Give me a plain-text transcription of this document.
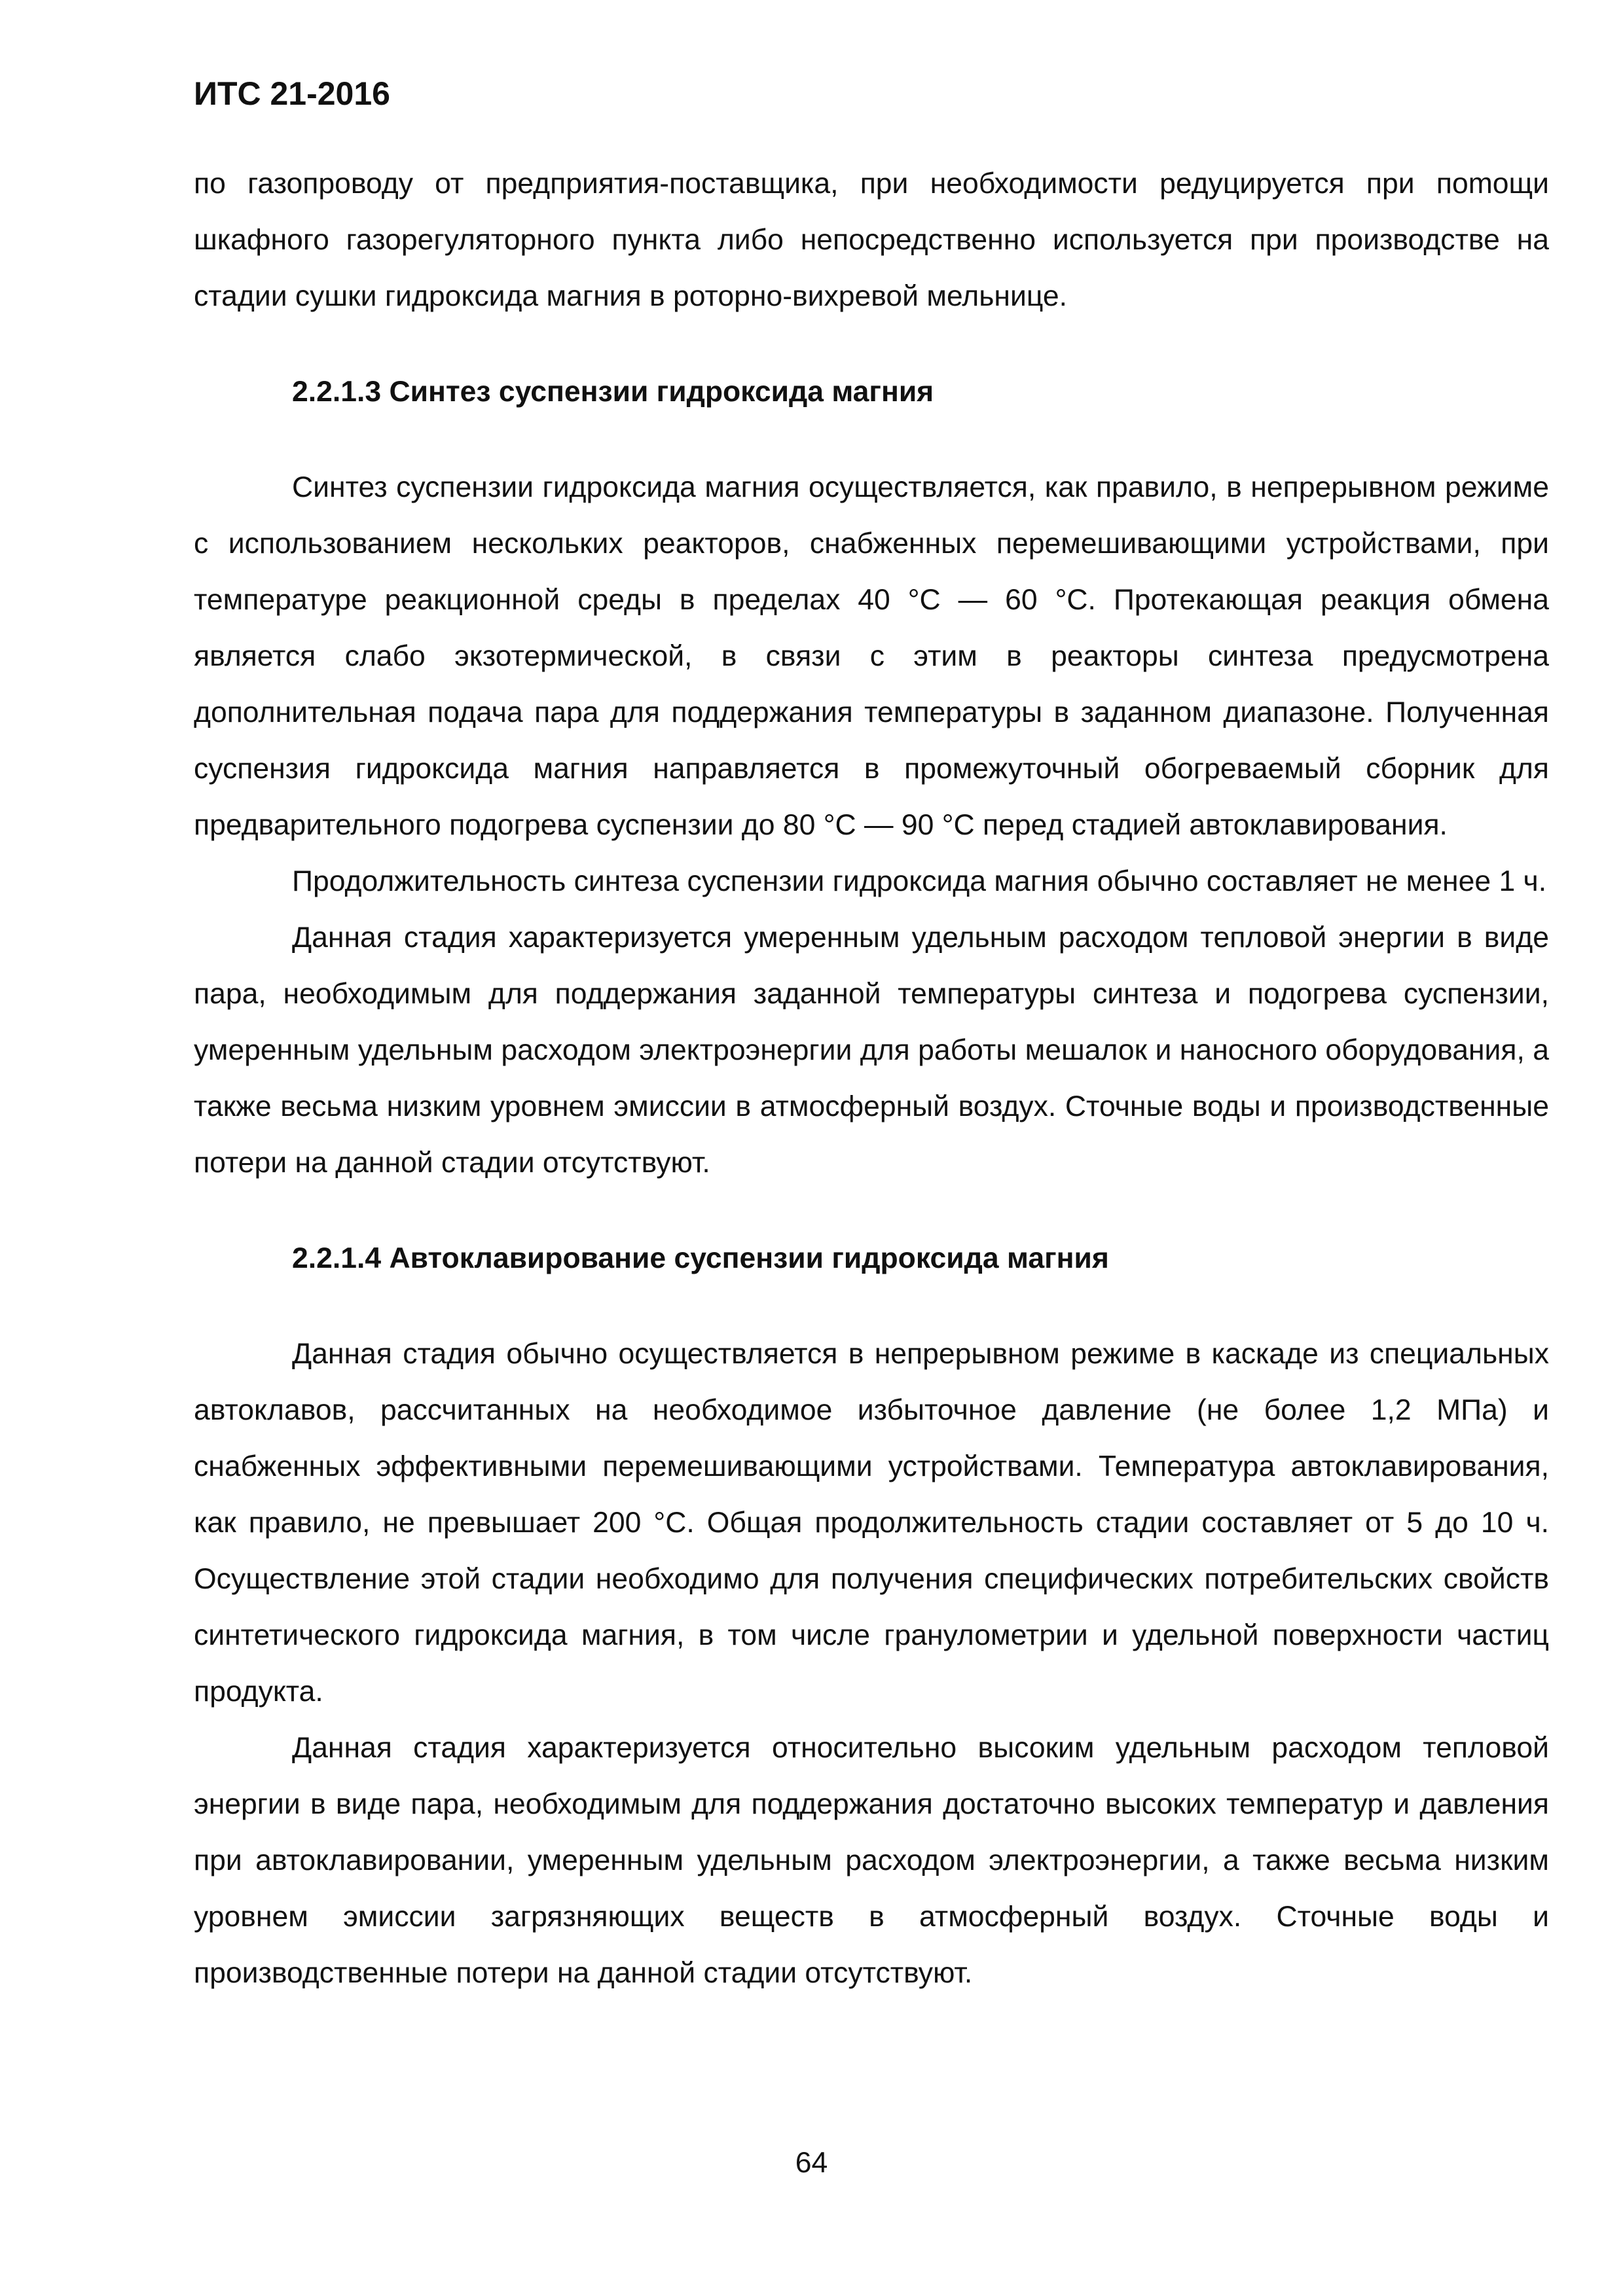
ИТС 21-2016

по газопроводу от предприятия-поставщика, при необходимости редуцируется при поmощи шкафного газорегуляторного пункта либо непосредственно используется при производстве на стадии сушки гидроксида магния в роторно-вихревой мельнице.

2.2.1.3 Синтез суспензии гидроксида магния

Синтез суспензии гидроксида магния осуществляется, как правило, в непрерывном режиме с использованием нескольких реакторов, снабженных перемешивающими устройствами, при температуре реакционной среды в пределах 40 °С — 60 °С. Протекающая реакция обмена является слабо экзотермической, в связи с этим в реакторы синтеза предусмотрена дополнительная подача пара для поддержания температуры в заданном диапазоне. Полученная суспензия гидроксида магния направляется в промежуточный обогреваемый сборник для предварительного подогрева суспензии до 80 °С — 90 °С перед стадией автоклавирования.

Продолжительность синтеза суспензии гидроксида магния обычно составляет не менее 1 ч.

Данная стадия характеризуется умеренным удельным расходом тепловой энергии в виде пара, необходимым для поддержания заданной температуры синтеза и подогрева суспензии, умеренным удельным расходом электроэнергии для работы мешалок и наносного оборудования, а также весьма низким уровнем эмиссии в атмосферный воздух. Сточные воды и производственные потери на данной стадии отсутствуют.

2.2.1.4 Автоклавирование суспензии гидроксида магния

Данная стадия обычно осуществляется в непрерывном режиме в каскаде из специальных автоклавов, рассчитанных на необходимое избыточное давление (не более 1,2 МПа) и снабженных эффективными перемешивающими устройствами. Температура автоклавирования, как правило, не превышает 200 °С. Общая продолжительность стадии составляет от 5 до 10 ч. Осуществление этой стадии необходимо для получения специфических потребительских свойств синтетического гидроксида магния, в том числе гранулометрии и удельной поверхности частиц продукта.

Данная стадия характеризуется относительно высоким удельным расходом тепловой энергии в виде пара, необходимым для поддержания достаточно высоких температур и давления при автоклавировании, умеренным удельным расходом электроэнергии, а также весьма низким уровнем эмиссии загрязняющих веществ в атмосферный воздух. Сточные воды и производственные потери на данной стадии отсутствуют.

64
